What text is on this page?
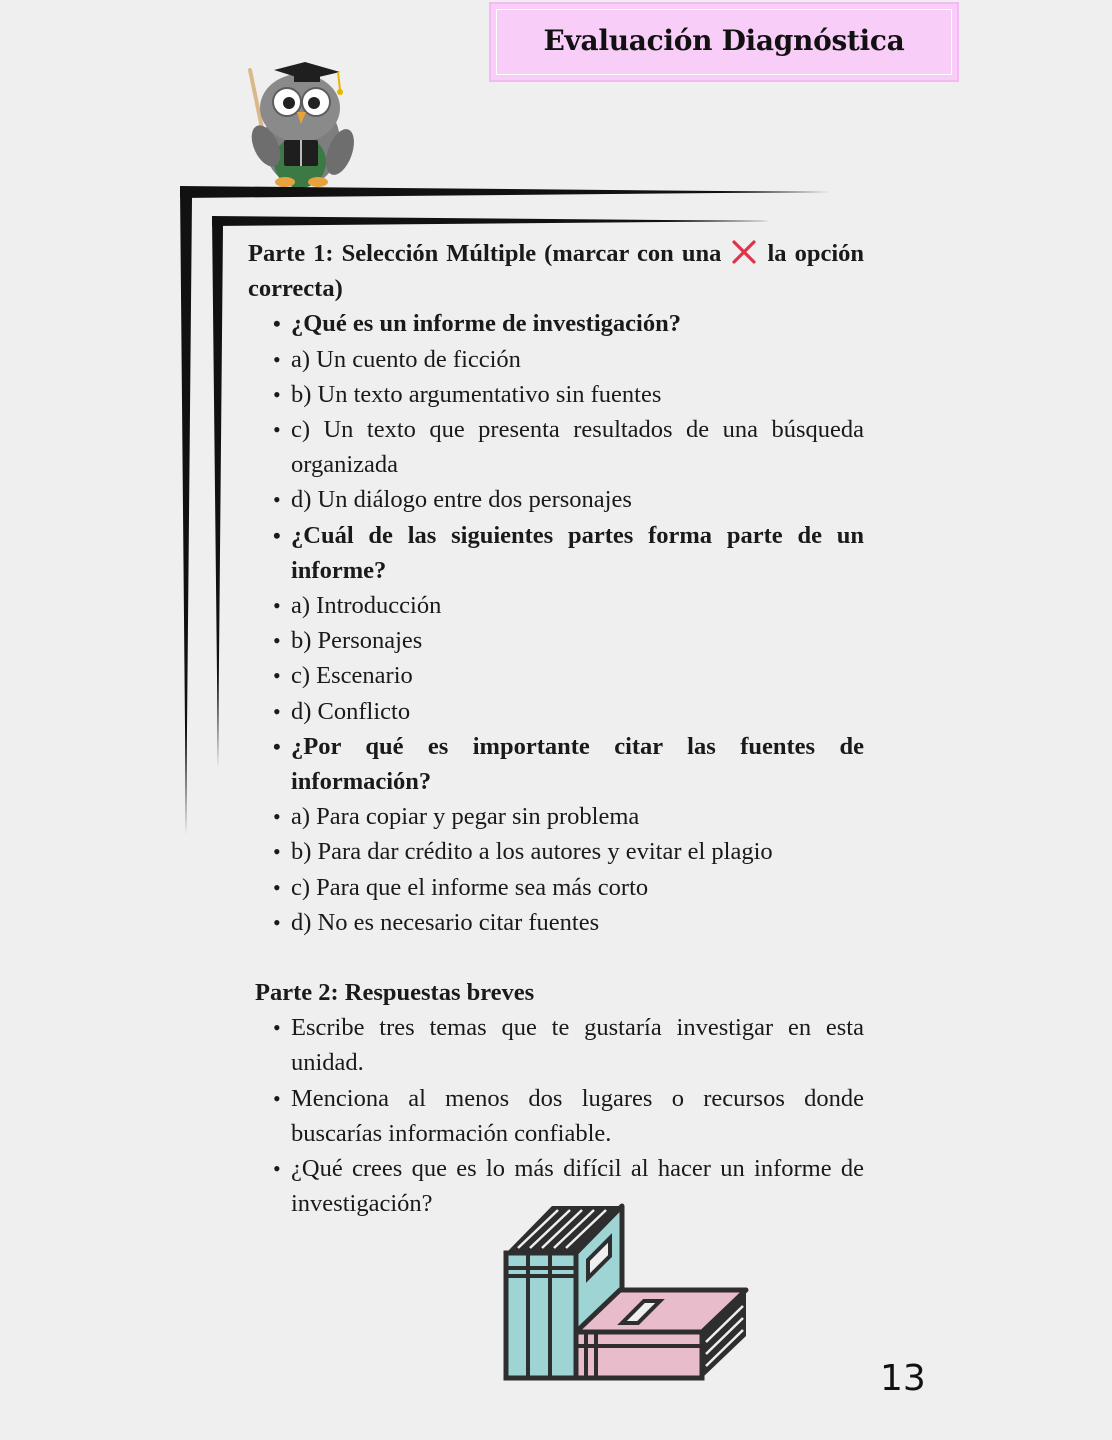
Evaluación Diagnóstica

Parte 1: Selección Múltiple (marcar con una la opción correcta)

• ¿Qué es un informe de investigación?
• a) Un cuento de ficción
• b) Un texto argumentativo sin fuentes
• c) Un texto que presenta resultados de una búsqueda organizada
• d) Un diálogo entre dos personajes
• ¿Cuál de las siguientes partes forma parte de un informe?
• a) Introducción
• b) Personajes
• c) Escenario
• d) Conflicto
• ¿Por qué es importante citar las fuentes de información?
• a) Para copiar y pegar sin problema
• b) Para dar crédito a los autores y evitar el plagio
• c) Para que el informe sea más corto
• d) No es necesario citar fuentes

Parte 2: Respuestas breves

• Escribe tres temas que te gustaría investigar en esta unidad.
• Menciona al menos dos lugares o recursos donde buscarías información confiable.
• ¿Qué crees que es lo más difícil al hacer un informe de investigación?
13
